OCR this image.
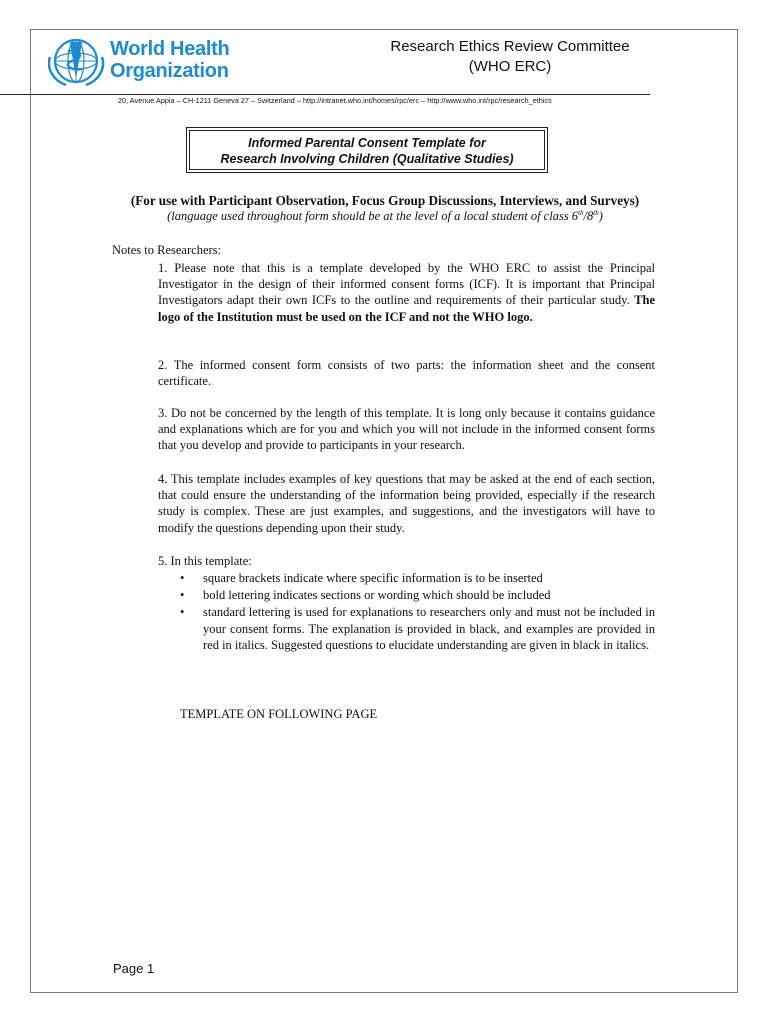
World Health
Organization
Research Ethics Review Committee
(WHO ERC)
20, Avenue Appia – CH-1211 Geneva 27 – Switzerland – http://intranet.who.int/homes/rpc/erc – http://www.who.int/rpc/research_ethics
Informed Parental Consent Template for
Research Involving Children (Qualitative Studies)
(For use with Participant Observation, Focus Group Discussions, Interviews, and Surveys)
(language used throughout form should be at the level of a local student of class 6th/8th)
Notes to Researchers:
1. Please note that this is a template developed by the WHO ERC to assist the Principal Investigator in the design of their informed consent forms (ICF). It is important that Principal Investigators adapt their own ICFs to the outline and requirements of their particular study. The logo of the Institution must be used on the ICF and not the WHO logo.
2. The informed consent form consists of two parts: the information sheet and the consent certificate.
3. Do not be concerned by the length of this template. It is long only because it contains guidance and explanations which are for you and which you will not include in the informed consent forms that you develop and provide to participants in your research.
4. This template includes examples of key questions that may be asked at the end of each section, that could ensure the understanding of the information being provided, especially if the research study is complex. These are just examples, and suggestions, and the investigators will have to modify the questions depending upon their study.
5. In this template:
• square brackets indicate where specific information is to be inserted
• bold lettering indicates sections or wording which should be included
• standard lettering is used for explanations to researchers only and must not be included in your consent forms. The explanation is provided in black, and examples are provided in red in italics. Suggested questions to elucidate understanding are given in black in italics.
TEMPLATE ON FOLLOWING PAGE
Page 1
